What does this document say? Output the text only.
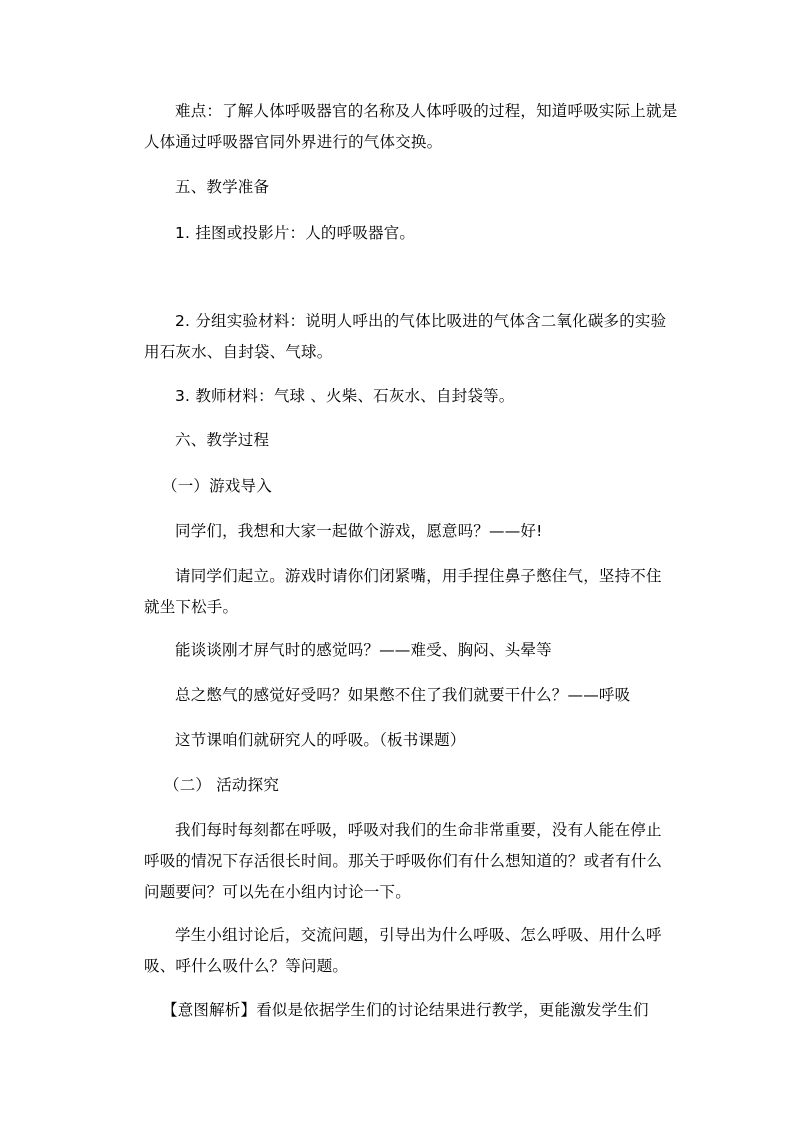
难点：了解人体呼吸器官的名称及人体呼吸的过程，知道呼吸实际上就是
人体通过呼吸器官同外界进行的气体交换。
五、教学准备
1. 挂图或投影片：人的呼吸器官。
2. 分组实验材料：说明人呼出的气体比吸进的气体含二氧化碳多的实验
用石灰水、自封袋、气球。
3. 教师材料：气球 、火柴、石灰水、自封袋等。
六、教学过程
（一）游戏导入
同学们，我想和大家一起做个游戏，愿意吗？——好!
请同学们起立。游戏时请你们闭紧嘴，用手捏住鼻子憋住气，坚持不住
就坐下松手。
能谈谈刚才屏气时的感觉吗？——难受、胸闷、头晕等
总之憋气的感觉好受吗？如果憋不住了我们就要干什么？——呼吸
这节课咱们就研究人的呼吸。（板书课题）
（二） 活动探究
我们每时每刻都在呼吸，呼吸对我们的生命非常重要，没有人能在停止
呼吸的情况下存活很长时间。那关于呼吸你们有什么想知道的？或者有什么
问题要问？可以先在小组内讨论一下。
学生小组讨论后，交流问题，引导出为什么呼吸、怎么呼吸、用什么呼
吸、呼什么吸什么？等问题。
【意图解析】看似是依据学生们的讨论结果进行教学，更能激发学生们
